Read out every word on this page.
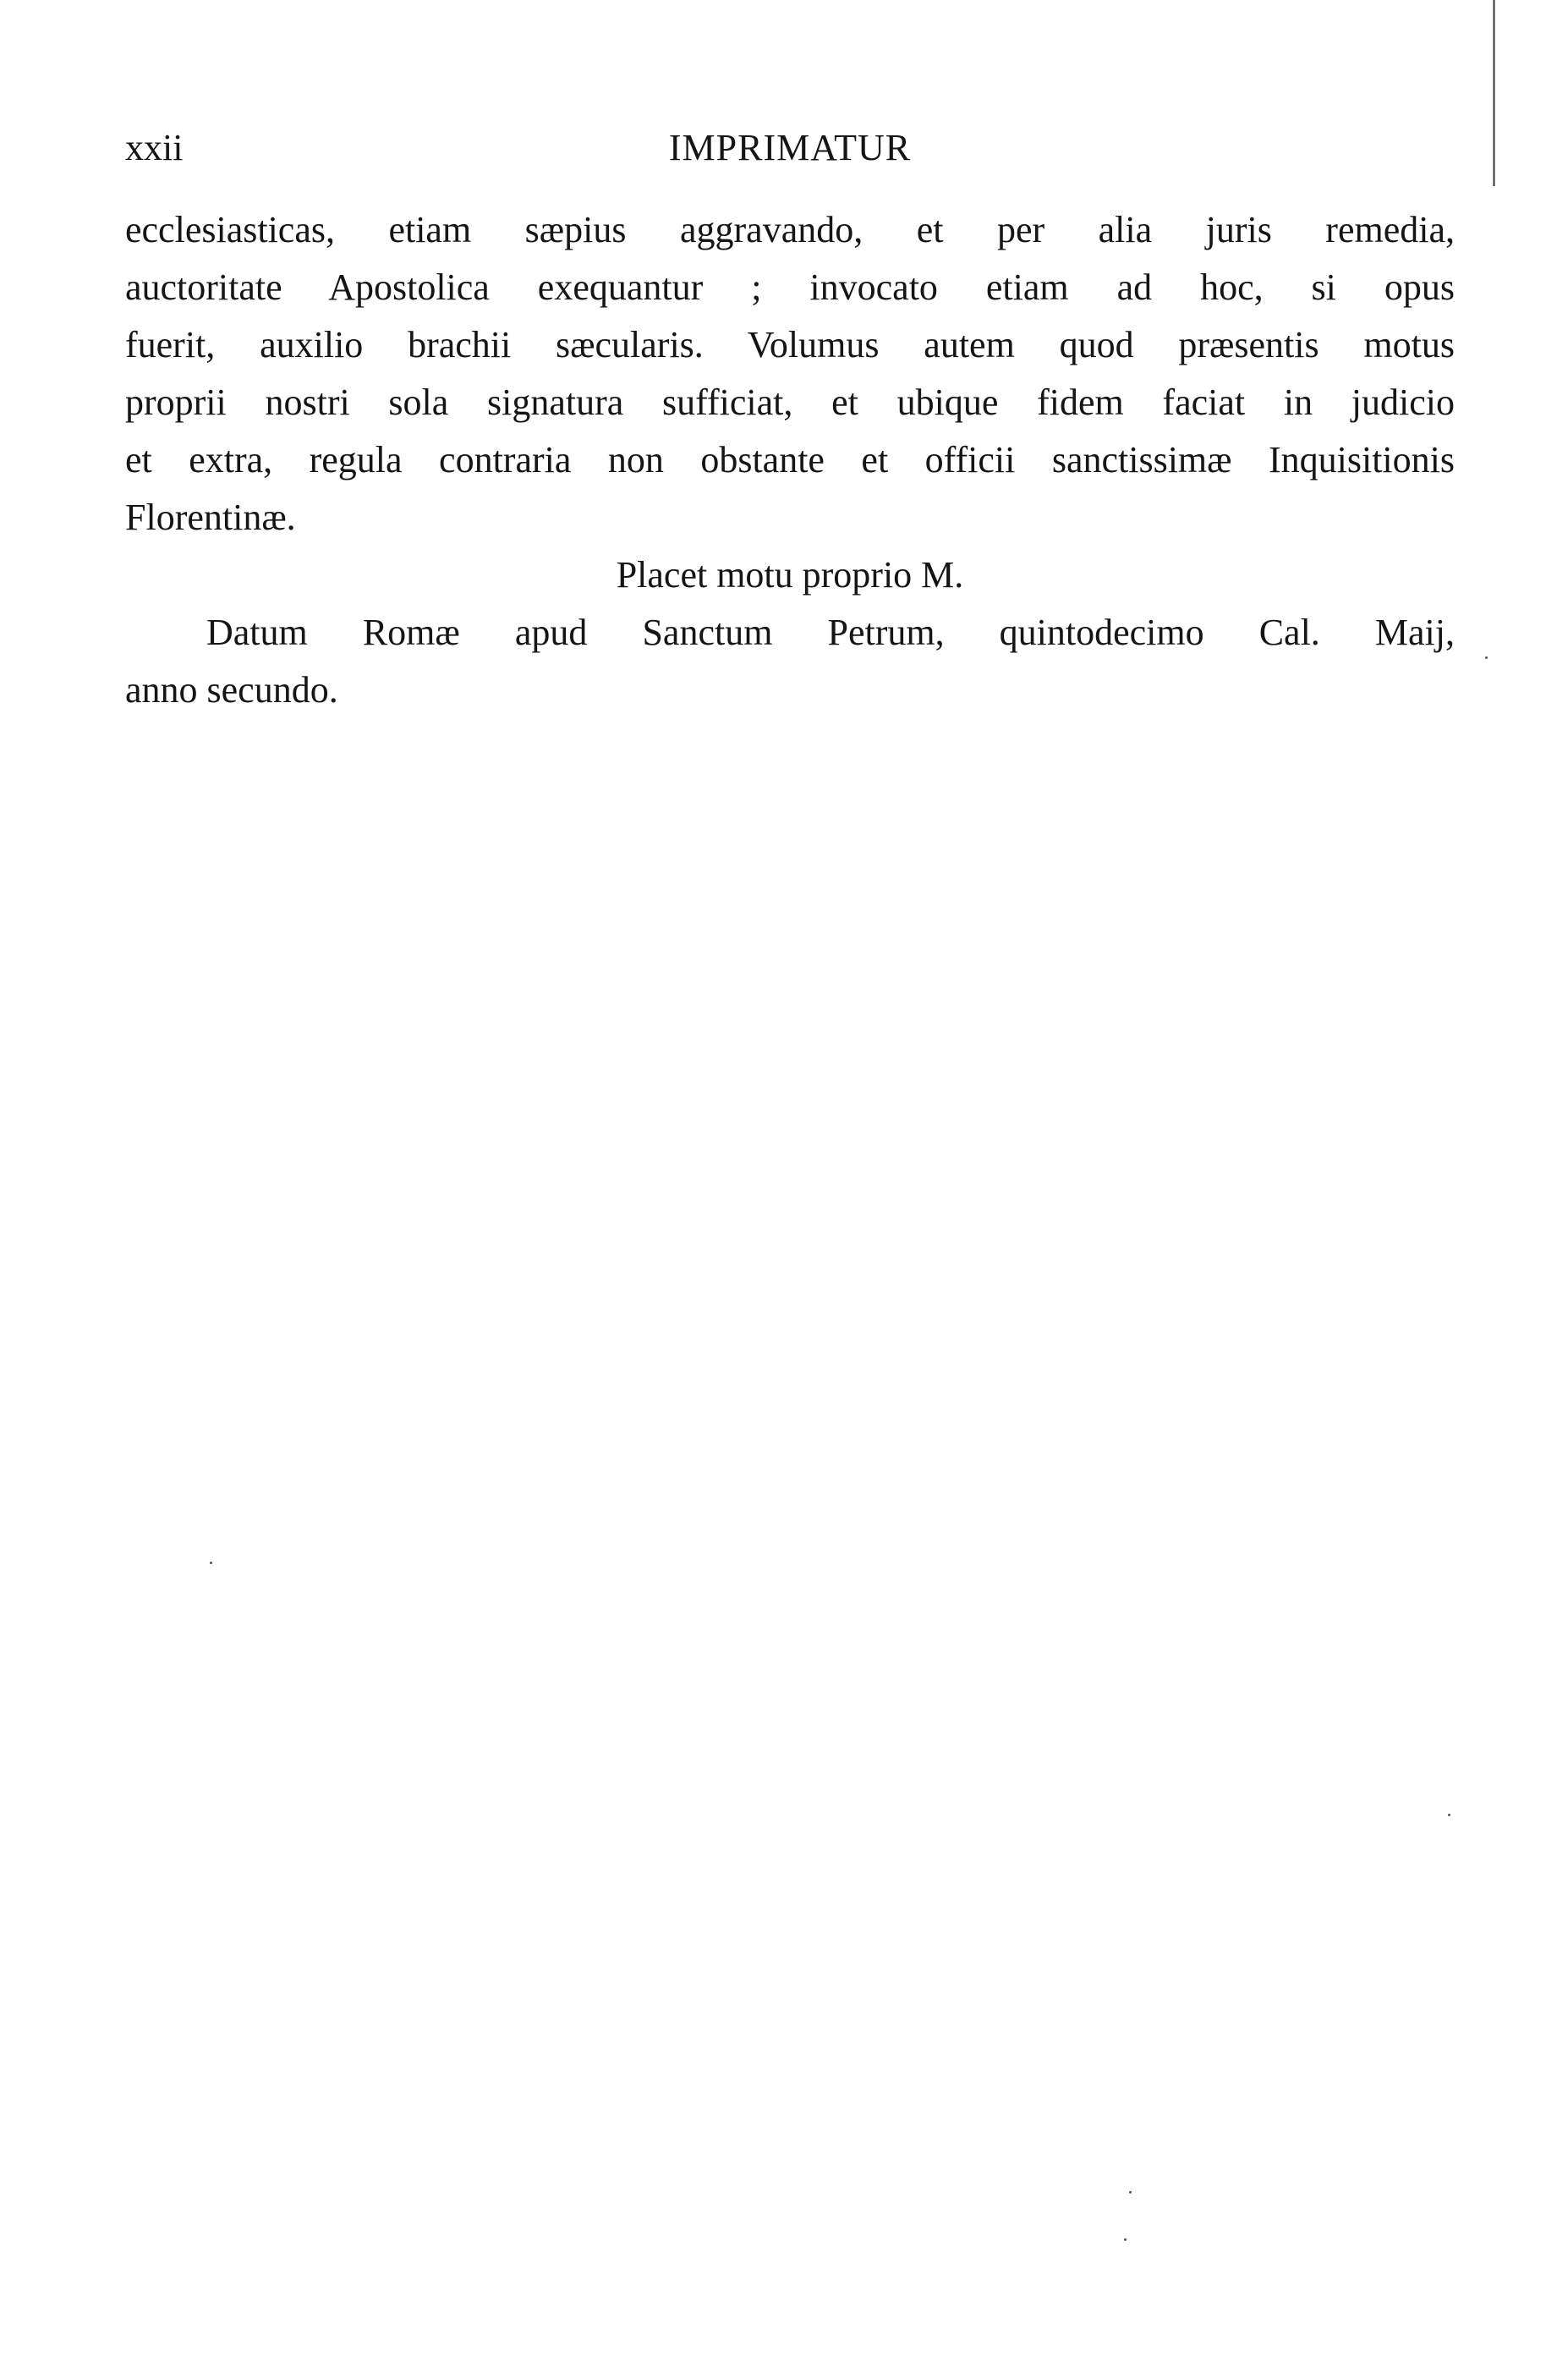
xxii	IMPRIMATUR
ecclesiasticas, etiam sæpius aggravando, et per alia juris remedia,
auctoritate Apostolica exequantur ; invocato etiam ad hoc, si opus
fuerit, auxilio brachii sæcularis. Volumus autem quod præsentis motus
proprii nostri sola signatura sufficiat, et ubique fidem faciat in judicio
et extra, regula contraria non obstante et officii sanctissimæ Inquisitionis
Florentinæ.
Placet motu proprio M.
Datum Romæ apud Sanctum Petrum, quintodecimo Cal. Maij,
anno secundo.
